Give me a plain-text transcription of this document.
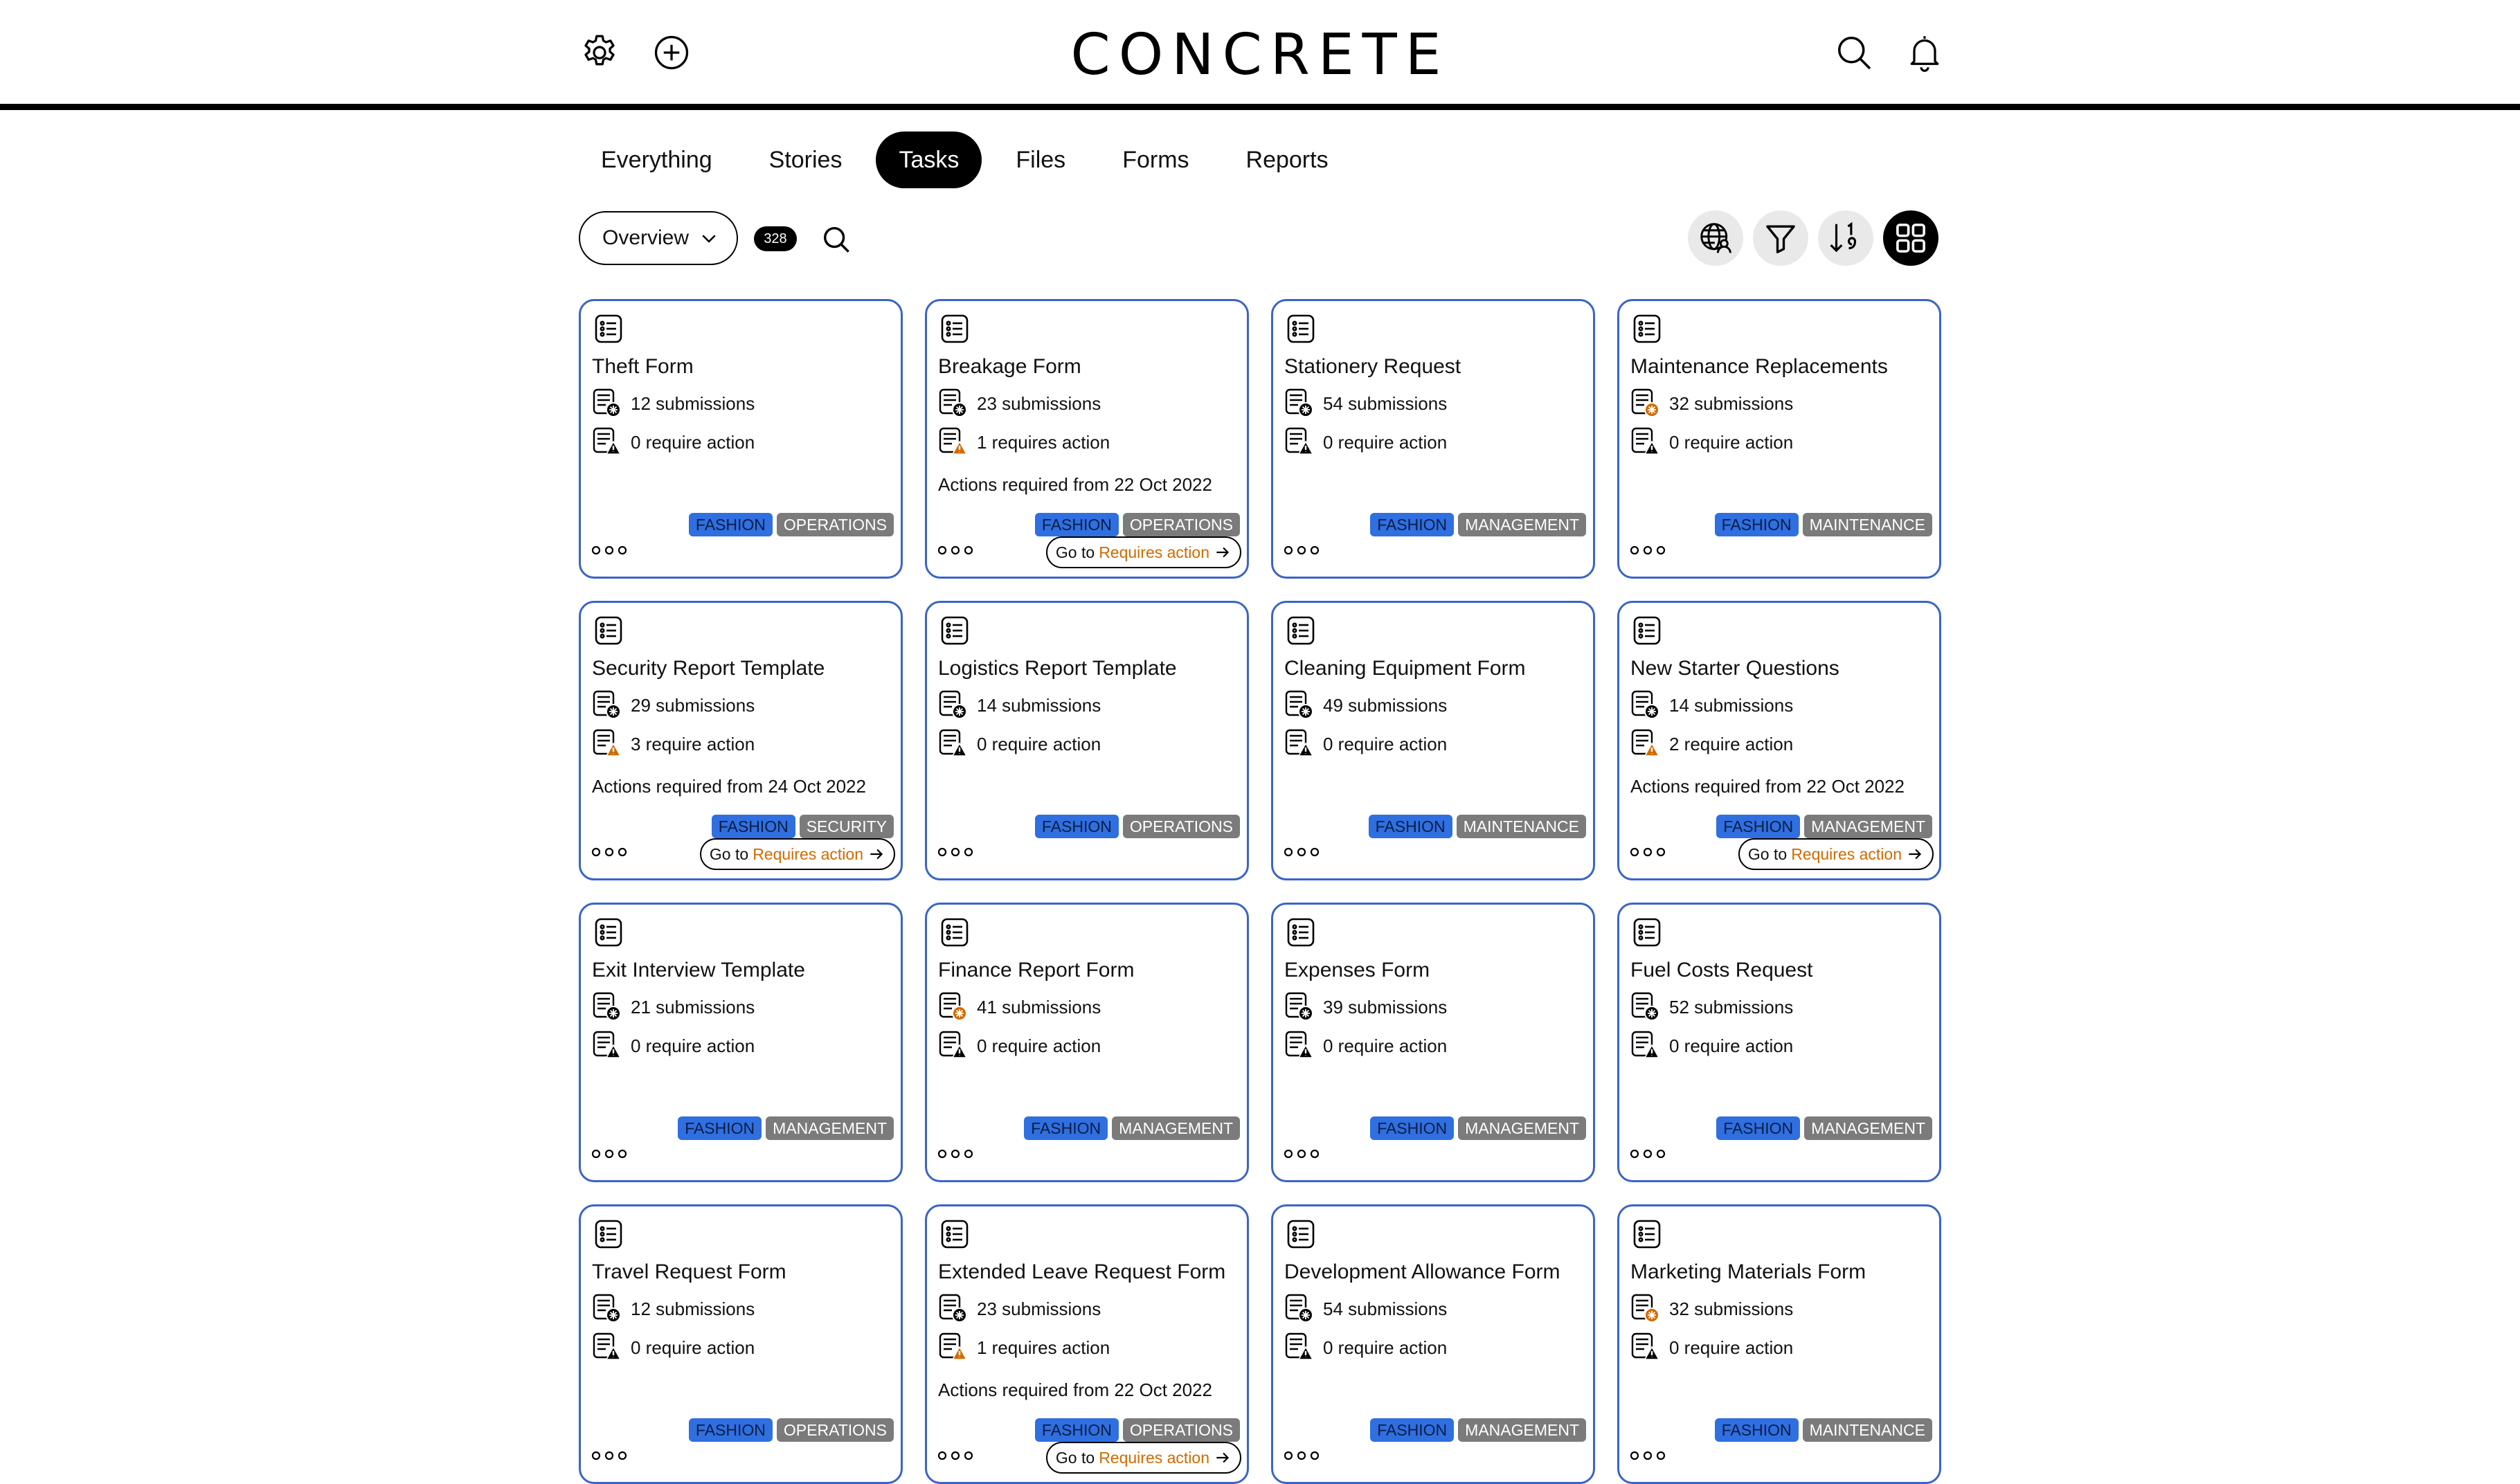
CONCRETE
Everything	Stories	Tasks	Files	Forms	Reports
Overview	328
Theft Form
12 submissions
0 require action
FASHION	OPERATIONS
Breakage Form
23 submissions
1 requires action
Actions required from 22 Oct 2022
FASHION	OPERATIONS
Go to Requires action
Stationery Request
54 submissions
0 require action
FASHION	MANAGEMENT
Maintenance Replacements
32 submissions
0 require action
FASHION	MAINTENANCE
Security Report Template
29 submissions
3 require action
Actions required from 24 Oct 2022
FASHION	SECURITY
Go to Requires action
Logistics Report Template
14 submissions
0 require action
FASHION	OPERATIONS
Cleaning Equipment Form
49 submissions
0 require action
FASHION	MAINTENANCE
New Starter Questions
14 submissions
2 require action
Actions required from 22 Oct 2022
FASHION	MANAGEMENT
Go to Requires action
Exit Interview Template
21 submissions
0 require action
FASHION	MANAGEMENT
Finance Report Form
41 submissions
0 require action
FASHION	MANAGEMENT
Expenses Form
39 submissions
0 require action
FASHION	MANAGEMENT
Fuel Costs Request
52 submissions
0 require action
FASHION	MANAGEMENT
Travel Request Form
12 submissions
0 require action
FASHION	OPERATIONS
Extended Leave Request Form
23 submissions
1 requires action
Actions required from 22 Oct 2022
FASHION	OPERATIONS
Go to Requires action
Development Allowance Form
54 submissions
0 require action
FASHION	MANAGEMENT
Marketing Materials Form
32 submissions
0 require action
FASHION	MAINTENANCE
